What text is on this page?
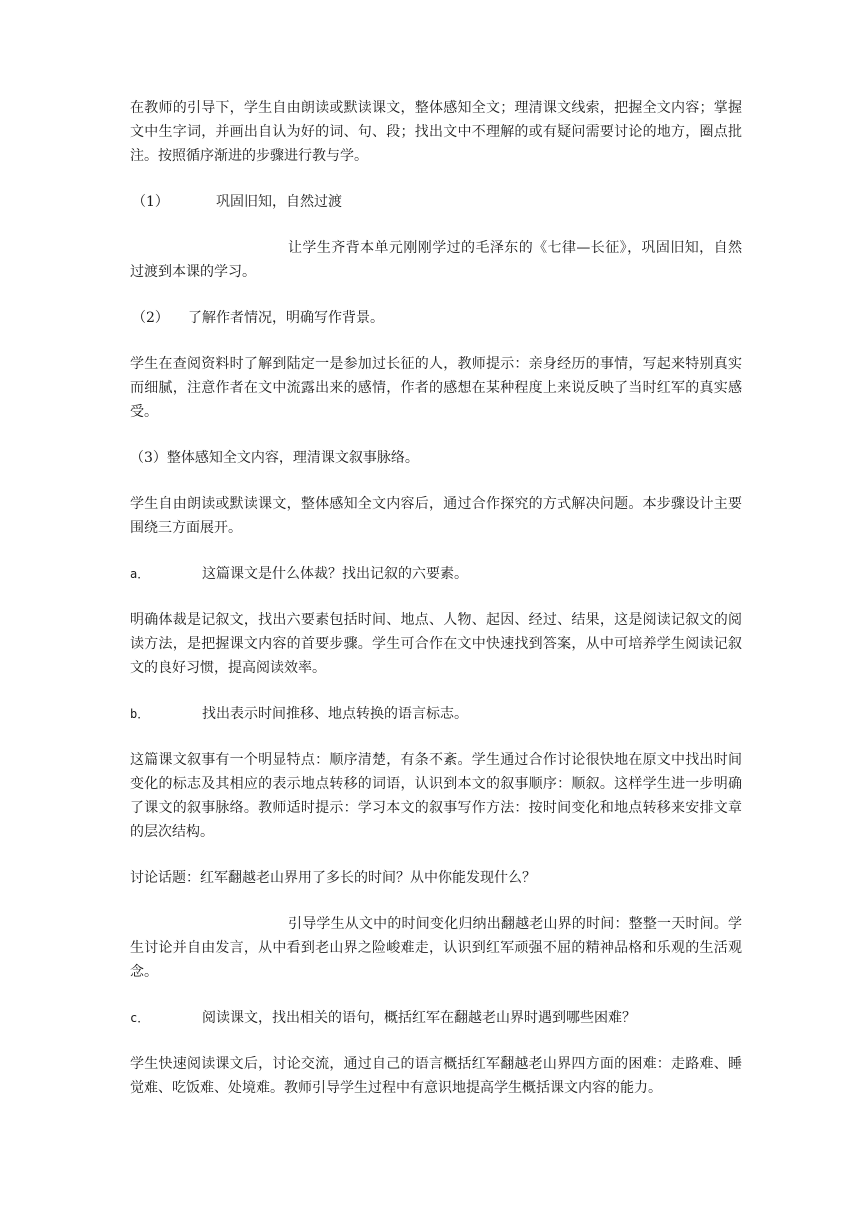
在教师的引导下，学生自由朗读或默读课文，整体感知全文；理清课文线索，把握全文内容；掌握文中生字词，并画出自认为好的词、句、段；找出文中不理解的或有疑问需要讨论的地方，圈点批注。按照循序渐进的步骤进行教与学。

（1）	巩固旧知，自然过渡

让学生齐背本单元刚刚学过的毛泽东的《七律—长征》，巩固旧知，自然过渡到本课的学习。

（2） 了解作者情况，明确写作背景。

学生在查阅资料时了解到陆定一是参加过长征的人，教师提示：亲身经历的事情，写起来特别真实而细腻，注意作者在文中流露出来的感情，作者的感想在某种程度上来说反映了当时红军的真实感受。

（3）整体感知全文内容，理清课文叙事脉络。

学生自由朗读或默读课文，整体感知全文内容后，通过合作探究的方式解决问题。本步骤设计主要围绕三方面展开。

a．	这篇课文是什么体裁？找出记叙的六要素。

明确体裁是记叙文，找出六要素包括时间、地点、人物、起因、经过、结果，这是阅读记叙文的阅读方法，是把握课文内容的首要步骤。学生可合作在文中快速找到答案，从中可培养学生阅读记叙文的良好习惯，提高阅读效率。

b．	找出表示时间推移、地点转换的语言标志。

这篇课文叙事有一个明显特点：顺序清楚，有条不紊。学生通过合作讨论很快地在原文中找出时间变化的标志及其相应的表示地点转移的词语，认识到本文的叙事顺序：顺叙。这样学生进一步明确了课文的叙事脉络。教师适时提示：学习本文的叙事写作方法：按时间变化和地点转移来安排文章的层次结构。

讨论话题：红军翻越老山界用了多长的时间？从中你能发现什么？

引导学生从文中的时间变化归纳出翻越老山界的时间：整整一天时间。学生讨论并自由发言，从中看到老山界之险峻难走，认识到红军顽强不屈的精神品格和乐观的生活观念。

c．	阅读课文，找出相关的语句，概括红军在翻越老山界时遇到哪些困难？

学生快速阅读课文后，讨论交流，通过自己的语言概括红军翻越老山界四方面的困难：走路难、睡觉难、吃饭难、处境难。教师引导学生过程中有意识地提高学生概括课文内容的能力。
